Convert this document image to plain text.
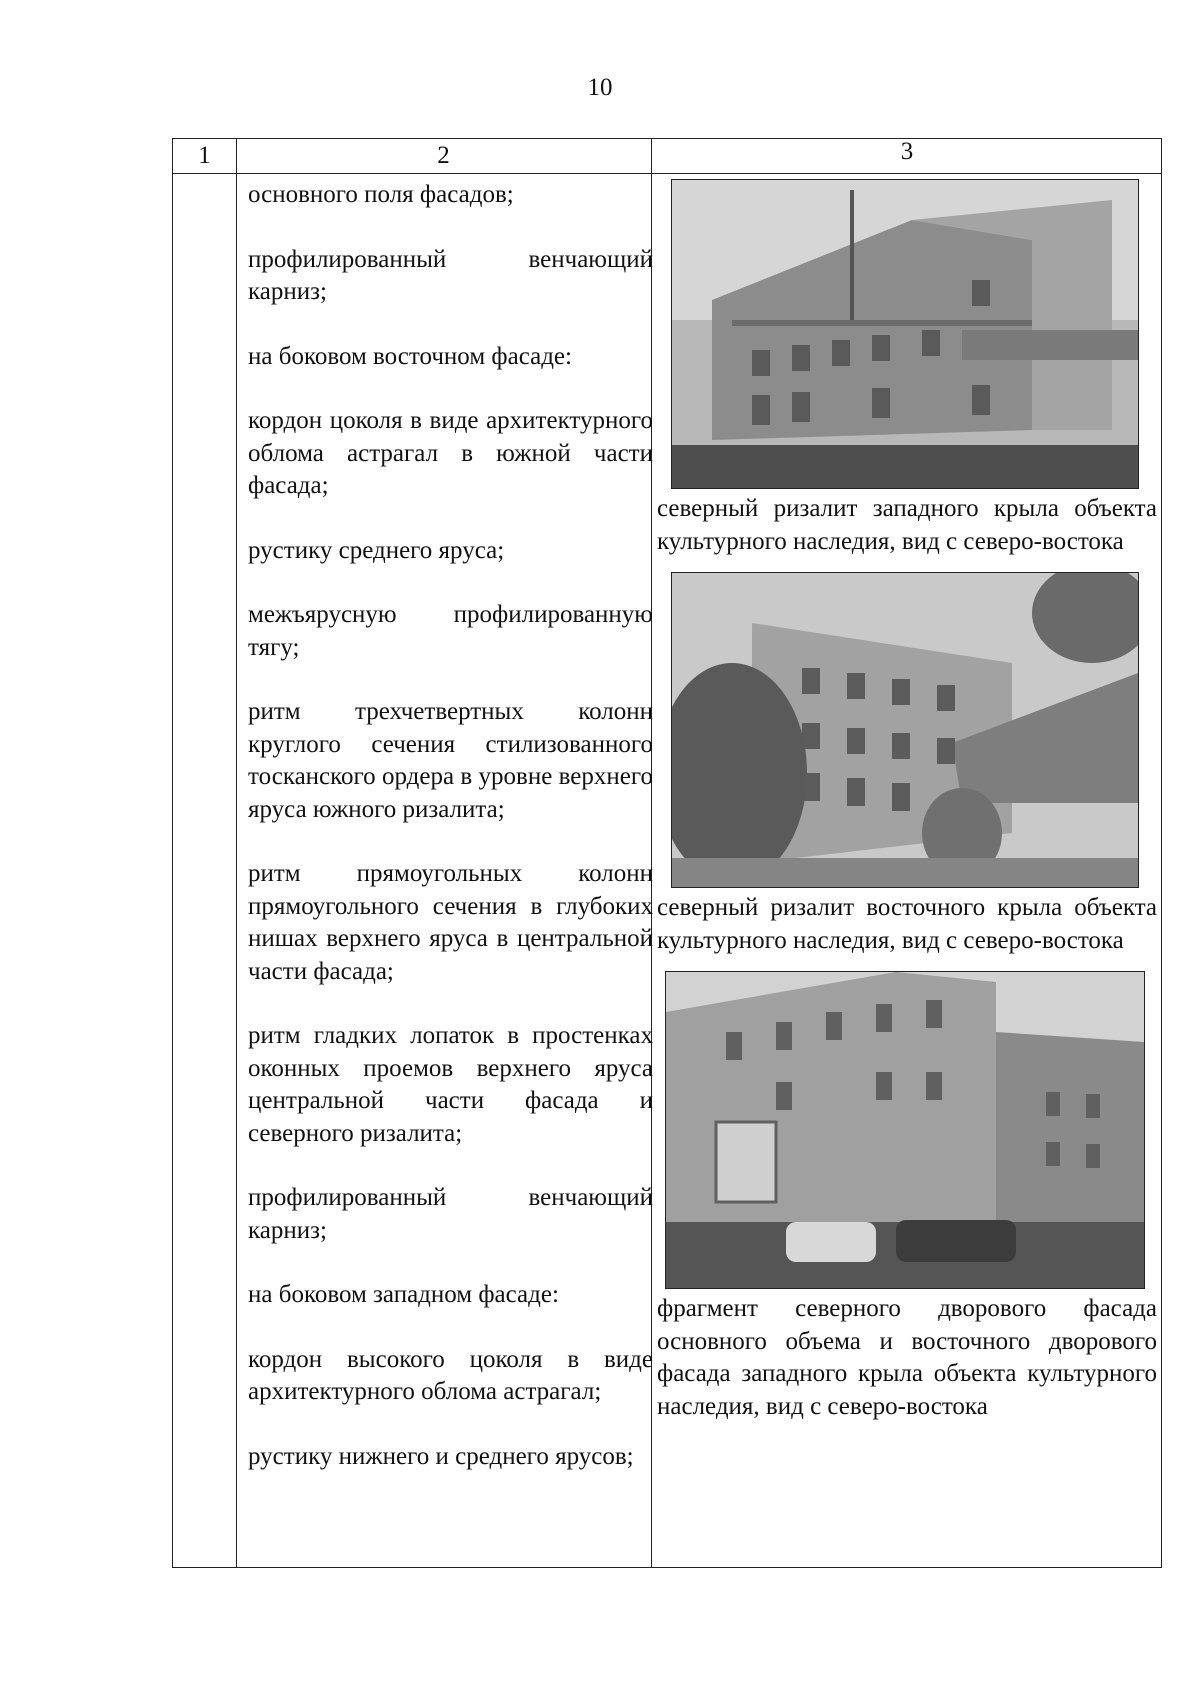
10
1	2	3

основного поля фасадов;

профилированный венчающий карниз;

на боковом восточном фасаде:

кордон цоколя в виде архитектурного облома астрагал в южной части фасада;

рустику среднего яруса;

межъярусную профилированную тягу;

ритм трехчетвертных колонн круглого сечения стилизованного тосканского ордера в уровне верхнего яруса южного ризалита;

ритм прямоугольных колонн прямоугольного сечения в глубоких нишах верхнего яруса в центральной части фасада;

ритм гладких лопаток в простенках оконных проемов верхнего яруса центральной части фасада и северного ризалита;

профилированный венчающий карниз;

на боковом западном фасаде:

кордон высокого цоколя в виде архитектурного облома астрагал;

рустику нижнего и среднего ярусов;

северный ризалит западного крыла объекта культурного наследия, вид с северо-востока

северный ризалит восточного крыла объекта культурного наследия, вид с северо-востока

фрагмент северного дворового фасада основного объема и восточного дворового фасада западного крыла объекта культурного наследия, вид с северо-востока
